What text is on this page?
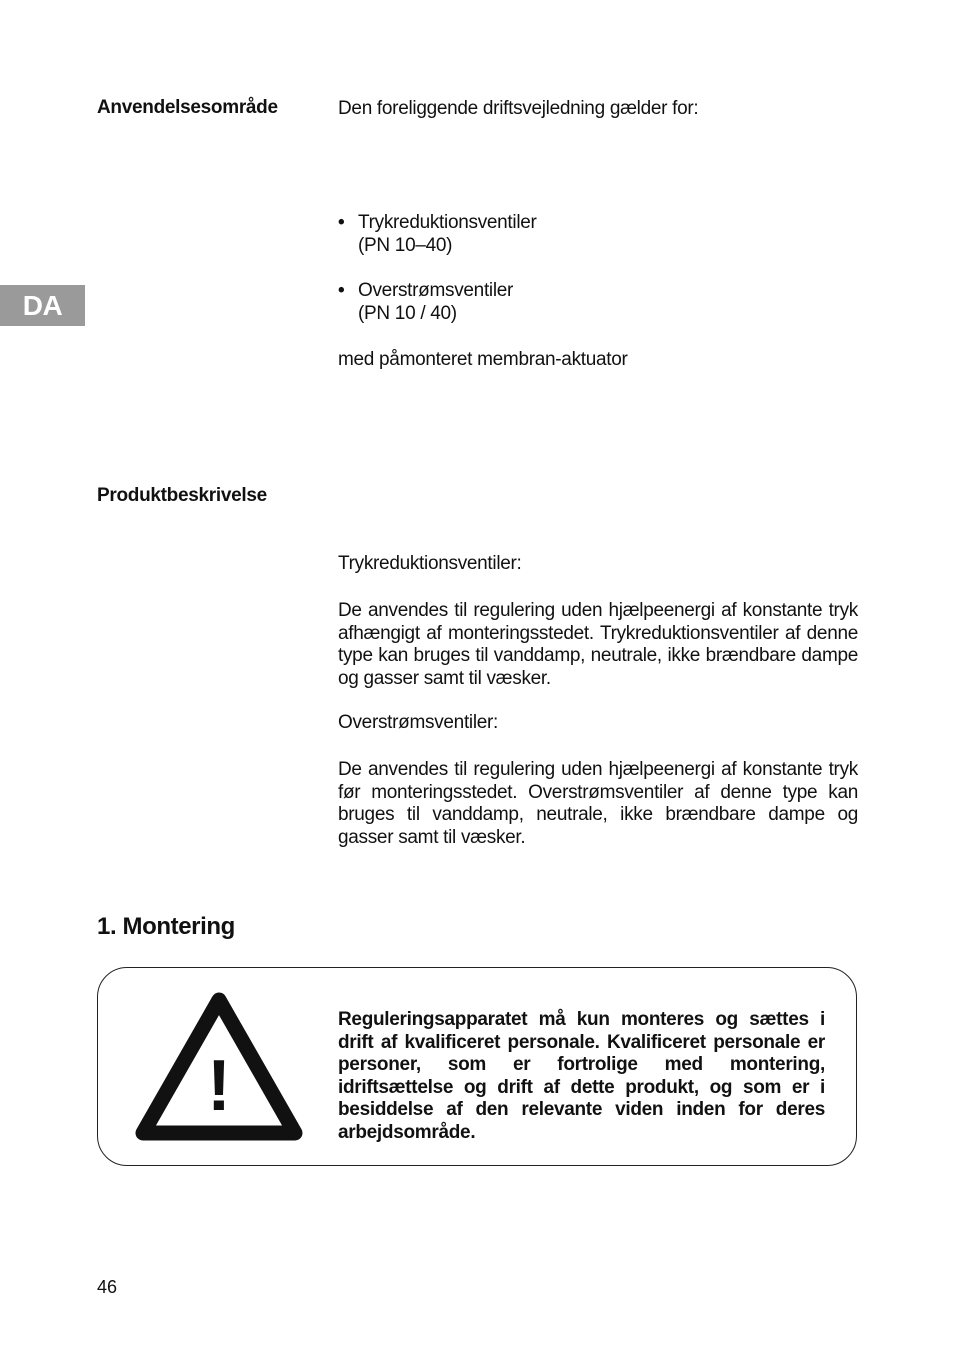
DA
Anvendelsesområde	Den foreliggende driftsvejledning gælder for:
• Trykreduktionsventiler
(PN 10–40)
• Overstrømsventiler
(PN 10 / 40)
med påmonteret membran-aktuator
Produktbeskrivelse
Trykreduktionsventiler:
De anvendes til regulering uden hjælpeenergi af konstante tryk afhængigt af monteringsstedet. Trykreduktionsventiler af denne type kan bruges til vanddamp, neutrale, ikke brændbare dampe og gasser samt til væsker.
Overstrømsventiler:
De anvendes til regulering uden hjælpeenergi af konstante tryk før monteringsstedet. Overstrømsventiler af denne type kan bruges til vanddamp, neutrale, ikke brændbare dampe og gasser samt til væsker.
1. Montering
!
Reguleringsapparatet må kun monteres og sættes i drift af kvalificeret personale. Kvalificeret personale er personer, som er fortrolige med montering, idriftsættelse og drift af dette produkt, og som er i besiddelse af den relevante viden inden for deres arbejdsområde.
46
